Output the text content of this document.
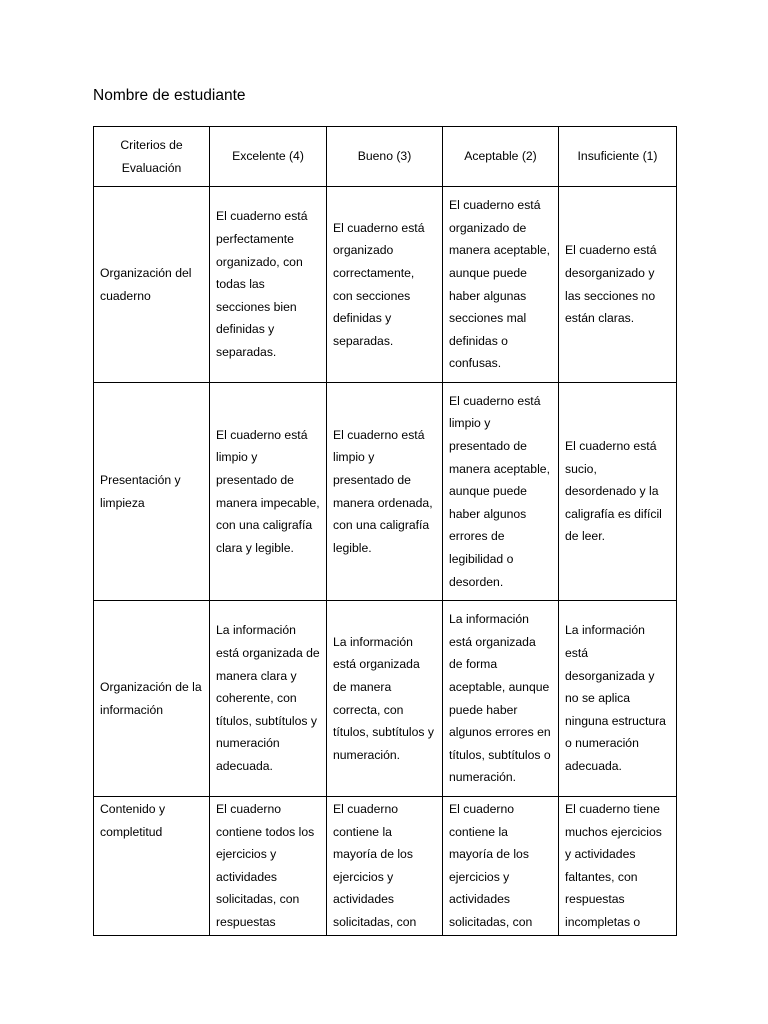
Nombre de estudiante
Criterios de Evaluación	Excelente (4)	Bueno (3)	Aceptable (2)	Insuficiente (1)
Organización del cuaderno	El cuaderno está perfectamente organizado, con todas las secciones bien definidas y separadas.	El cuaderno está organizado correctamente, con secciones definidas y separadas.	El cuaderno está organizado de manera aceptable, aunque puede haber algunas secciones mal definidas o confusas.	El cuaderno está desorganizado y las secciones no están claras.
Presentación y limpieza	El cuaderno está limpio y presentado de manera impecable, con una caligrafía clara y legible.	El cuaderno está limpio y presentado de manera ordenada, con una caligrafía legible.	El cuaderno está limpio y presentado de manera aceptable, aunque puede haber algunos errores de legibilidad o desorden.	El cuaderno está sucio, desordenado y la caligrafía es difícil de leer.
Organización de la información	La información está organizada de manera clara y coherente, con títulos, subtítulos y numeración adecuada.	La información está organizada de manera correcta, con títulos, subtítulos y numeración.	La información está organizada de forma aceptable, aunque puede haber algunos errores en títulos, subtítulos o numeración.	La información está desorganizada y no se aplica ninguna estructura o numeración adecuada.
Contenido y completitud	El cuaderno contiene todos los ejercicios y actividades solicitadas, con respuestas	El cuaderno contiene la mayoría de los ejercicios y actividades solicitadas, con	El cuaderno contiene la mayoría de los ejercicios y actividades solicitadas, con	El cuaderno tiene muchos ejercicios y actividades faltantes, con respuestas incompletas o
